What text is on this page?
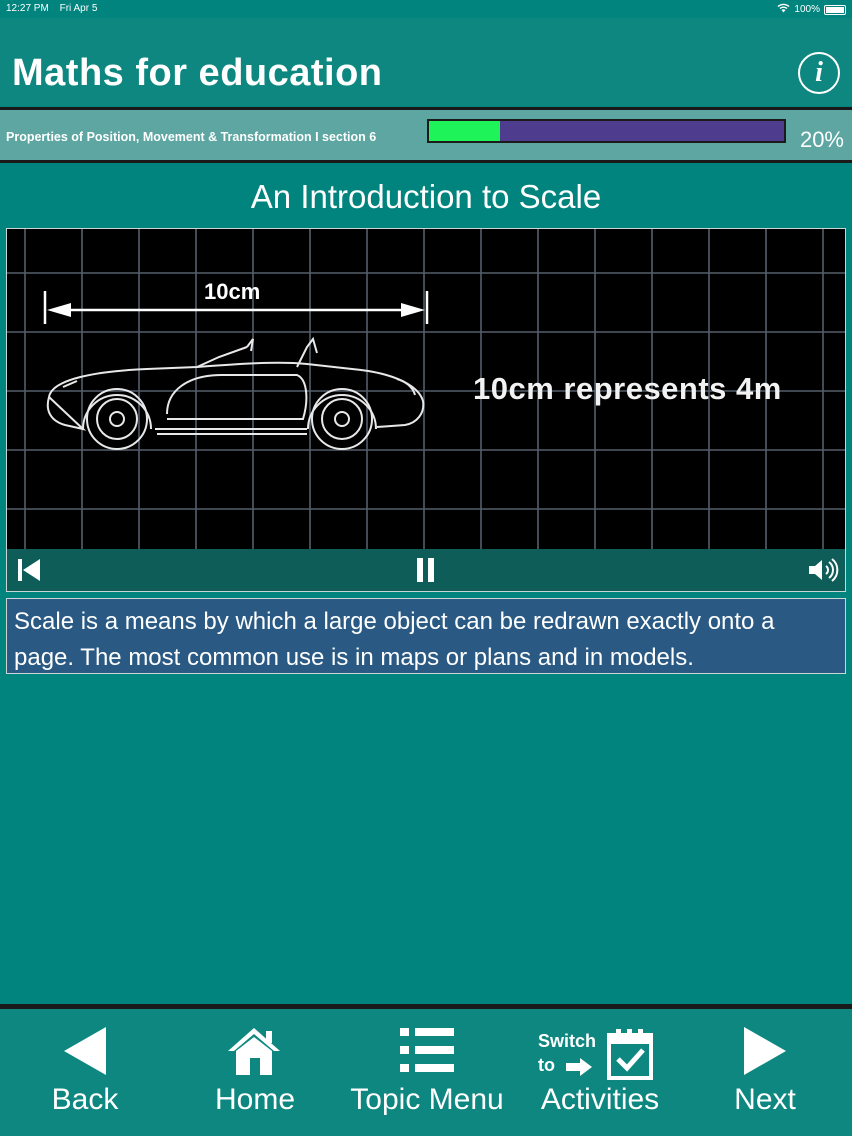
12:27 PM Fri Apr 5	100%
Maths for education	i
Properties of Position, Movement & Transformation I section 6	20%
An Introduction to Scale
10cm
10cm represents 4m
Scale is a means by which a large object can be redrawn exactly onto a page. The most common use is in maps or plans and in models.
Back	Home	Topic Menu
Switch
to
Activities	Next
